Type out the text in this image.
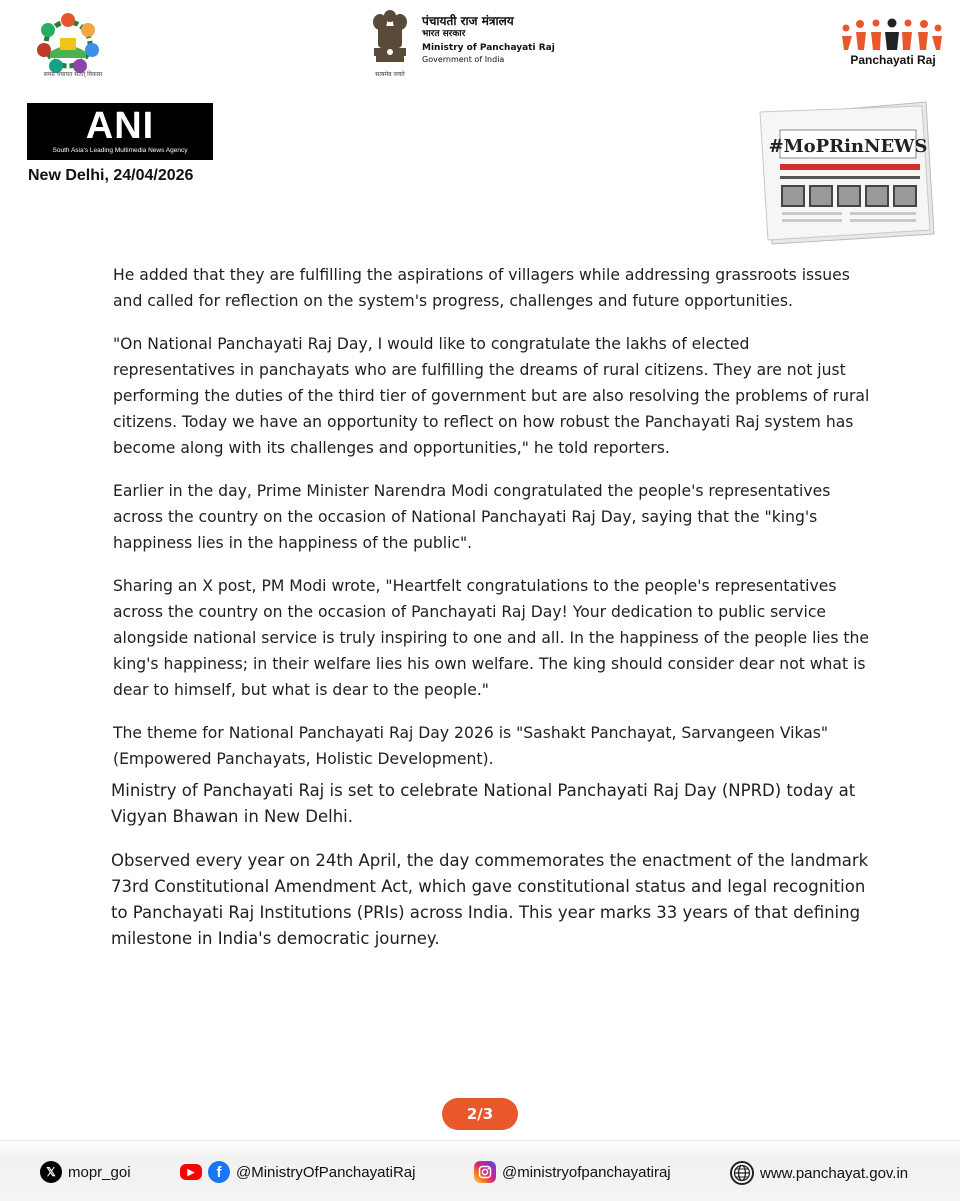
समग्र पंचायत सतत् विकास	सत्यमेव जयते
पंचायती राज मंत्रालय
भारत सरकार
Ministry of Panchayati Raj
Government of India	Panchayati Raj
ANI
South Asia's Leading Multimedia News Agency
New Delhi, 24/04/2026
#MoPRinNEWS

He added that they are fulfilling the aspirations of villagers while addressing grassroots issues and called for reflection on the system's progress, challenges and future opportunities.

"On National Panchayati Raj Day, I would like to congratulate the lakhs of elected representatives in panchayats who are fulfilling the dreams of rural citizens. They are not just performing the duties of the third tier of government but are also resolving the problems of rural citizens. Today we have an opportunity to reflect on how robust the Panchayati Raj system has become along with its challenges and opportunities," he told reporters.

Earlier in the day, Prime Minister Narendra Modi congratulated the people's representatives across the country on the occasion of National Panchayati Raj Day, saying that the "king's happiness lies in the happiness of the public".

Sharing an X post, PM Modi wrote, "Heartfelt congratulations to the people's representatives across the country on the occasion of Panchayati Raj Day! Your dedication to public service alongside national service is truly inspiring to one and all. In the happiness of the people lies the king's happiness; in their welfare lies his own welfare. The king should consider dear not what is dear to himself, but what is dear to the people."

The theme for National Panchayati Raj Day 2026 is "Sashakt Panchayat, Sarvangeen Vikas" (Empowered Panchayats, Holistic Development).

Ministry of Panchayati Raj is set to celebrate National Panchayati Raj Day (NPRD) today at Vigyan Bhawan in New Delhi.

Observed every year on 24th April, the day commemorates the enactment of the landmark 73rd Constitutional Amendment Act, which gave constitutional status and legal recognition to Panchayati Raj Institutions (PRIs) across India. This year marks 33 years of that defining milestone in India's democratic journey.

2/3
𝕏 mopr_goi	▶	f @MinistryOfPanchayatiRaj	@ministryofpanchayatiraj	www.panchayat.gov.in
